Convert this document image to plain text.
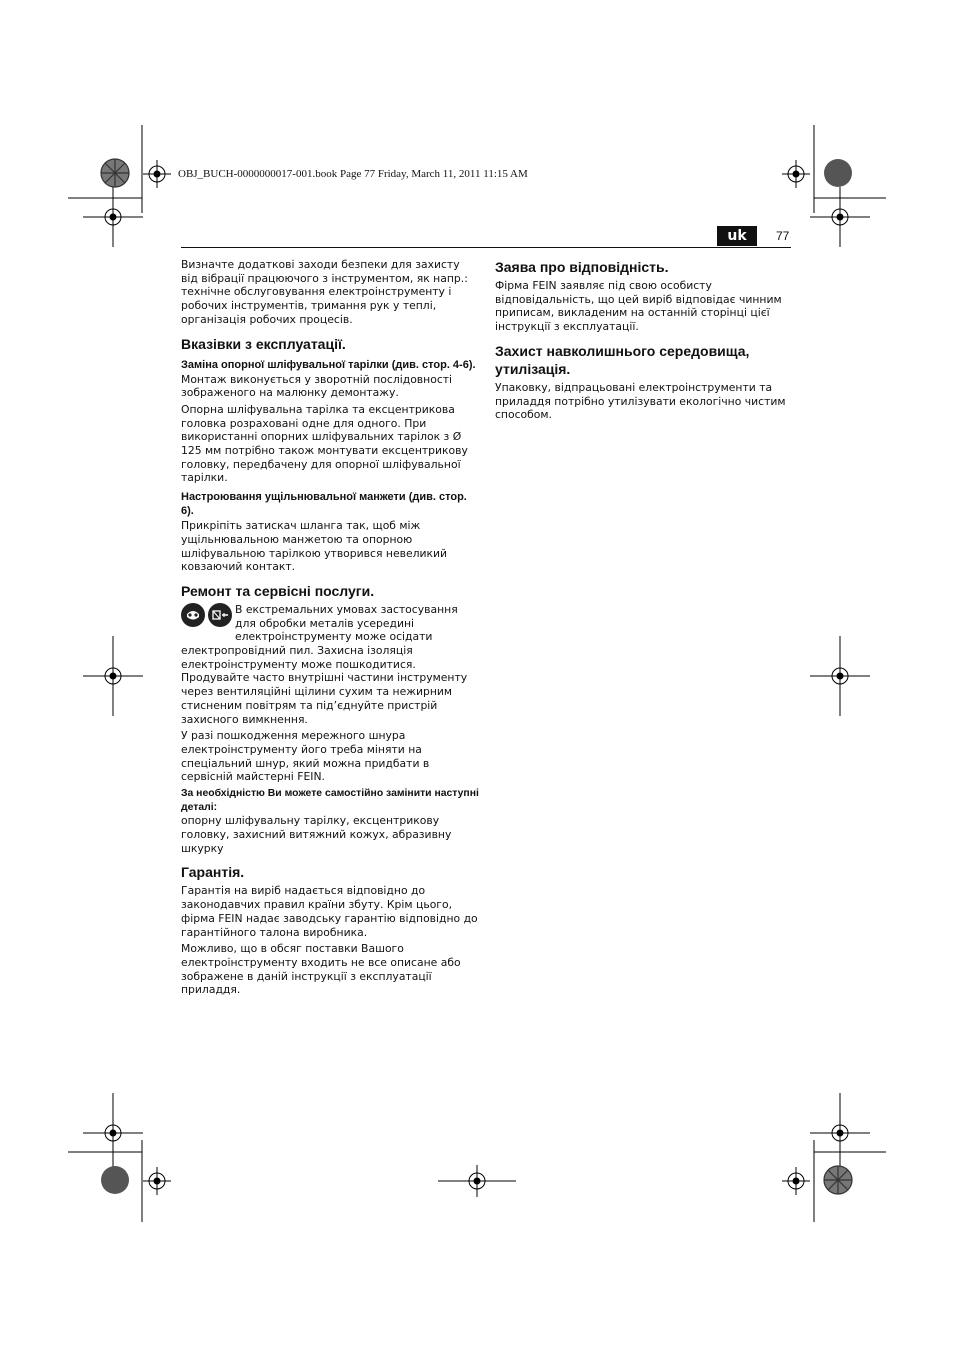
OBJ_BUCH-0000000017-001.book Page 77 Friday, March 11, 2011 11:15 AM
uk	77

Визначте додаткові заходи безпеки для захисту від вібрації працюючого з інструментом, як напр.: технічне обслуговування електроінструменту і робочих інструментів, тримання рук у теплі, організація робочих процесів.

Вказівки з експлуатації.
Заміна опорної шліфувальної тарілки (див. стор. 4-6).

Монтаж виконується у зворотній послідовності зображеного на малюнку демонтажу.

Опорна шліфувальна тарілка та ексцентрикова головка розраховані одне для одного. При використанні опорних шліфувальних тарілок з Ø 125 мм потрібно також монтувати ексцентрикову головку, передбачену для опорної шліфувальної тарілки.

Настроювання ущільнювальної манжети (див. стор. 6).

Прикріпіть затискач шланга так, щоб між ущільнювальною манжетою та опорною шліфувальною тарілкою утворився невеликий ковзаючий контакт.

Ремонт та сервісні послуги.

В екстремальних умовах застосування для обробки металів усередині електроінструменту може осідати електропровідний пил. Захисна ізоляція електроінструменту може пошкодитися. Продувайте часто внутрішні частини інструменту через вентиляційні щілини сухим та нежирним стисненим повітрям та під’єднуйте пристрій захисного вимкнення.

У разі пошкодження мережного шнура електроінструменту його треба міняти на спеціальний шнур, який можна придбати в сервісній майстерні FEIN.

За необхідністю Ви можете самостійно замінити наступні деталі:

опорну шліфувальну тарілку, ексцентрикову головку, захисний витяжний кожух, абразивну шкурку

Гарантія.

Гарантія на виріб надається відповідно до законодавчих правил країни збуту. Крім цього, фірма FEIN надає заводську гарантію відповідно до гарантійного талона виробника.

Можливо, що в обсяг поставки Вашого електроінструменту входить не все описане або зображене в даній інструкції з експлуатації приладдя.

Заява про відповідність.

Фірма FEIN заявляє під свою особисту відповідальність, що цей виріб відповідає чинним приписам, викладеним на останній сторінці цієї інструкції з експлуатації.

Захист навколишнього середовища, утилізація.

Упаковку, відпрацьовані електроінструменти та приладдя потрібно утилізувати екологічно чистим способом.
